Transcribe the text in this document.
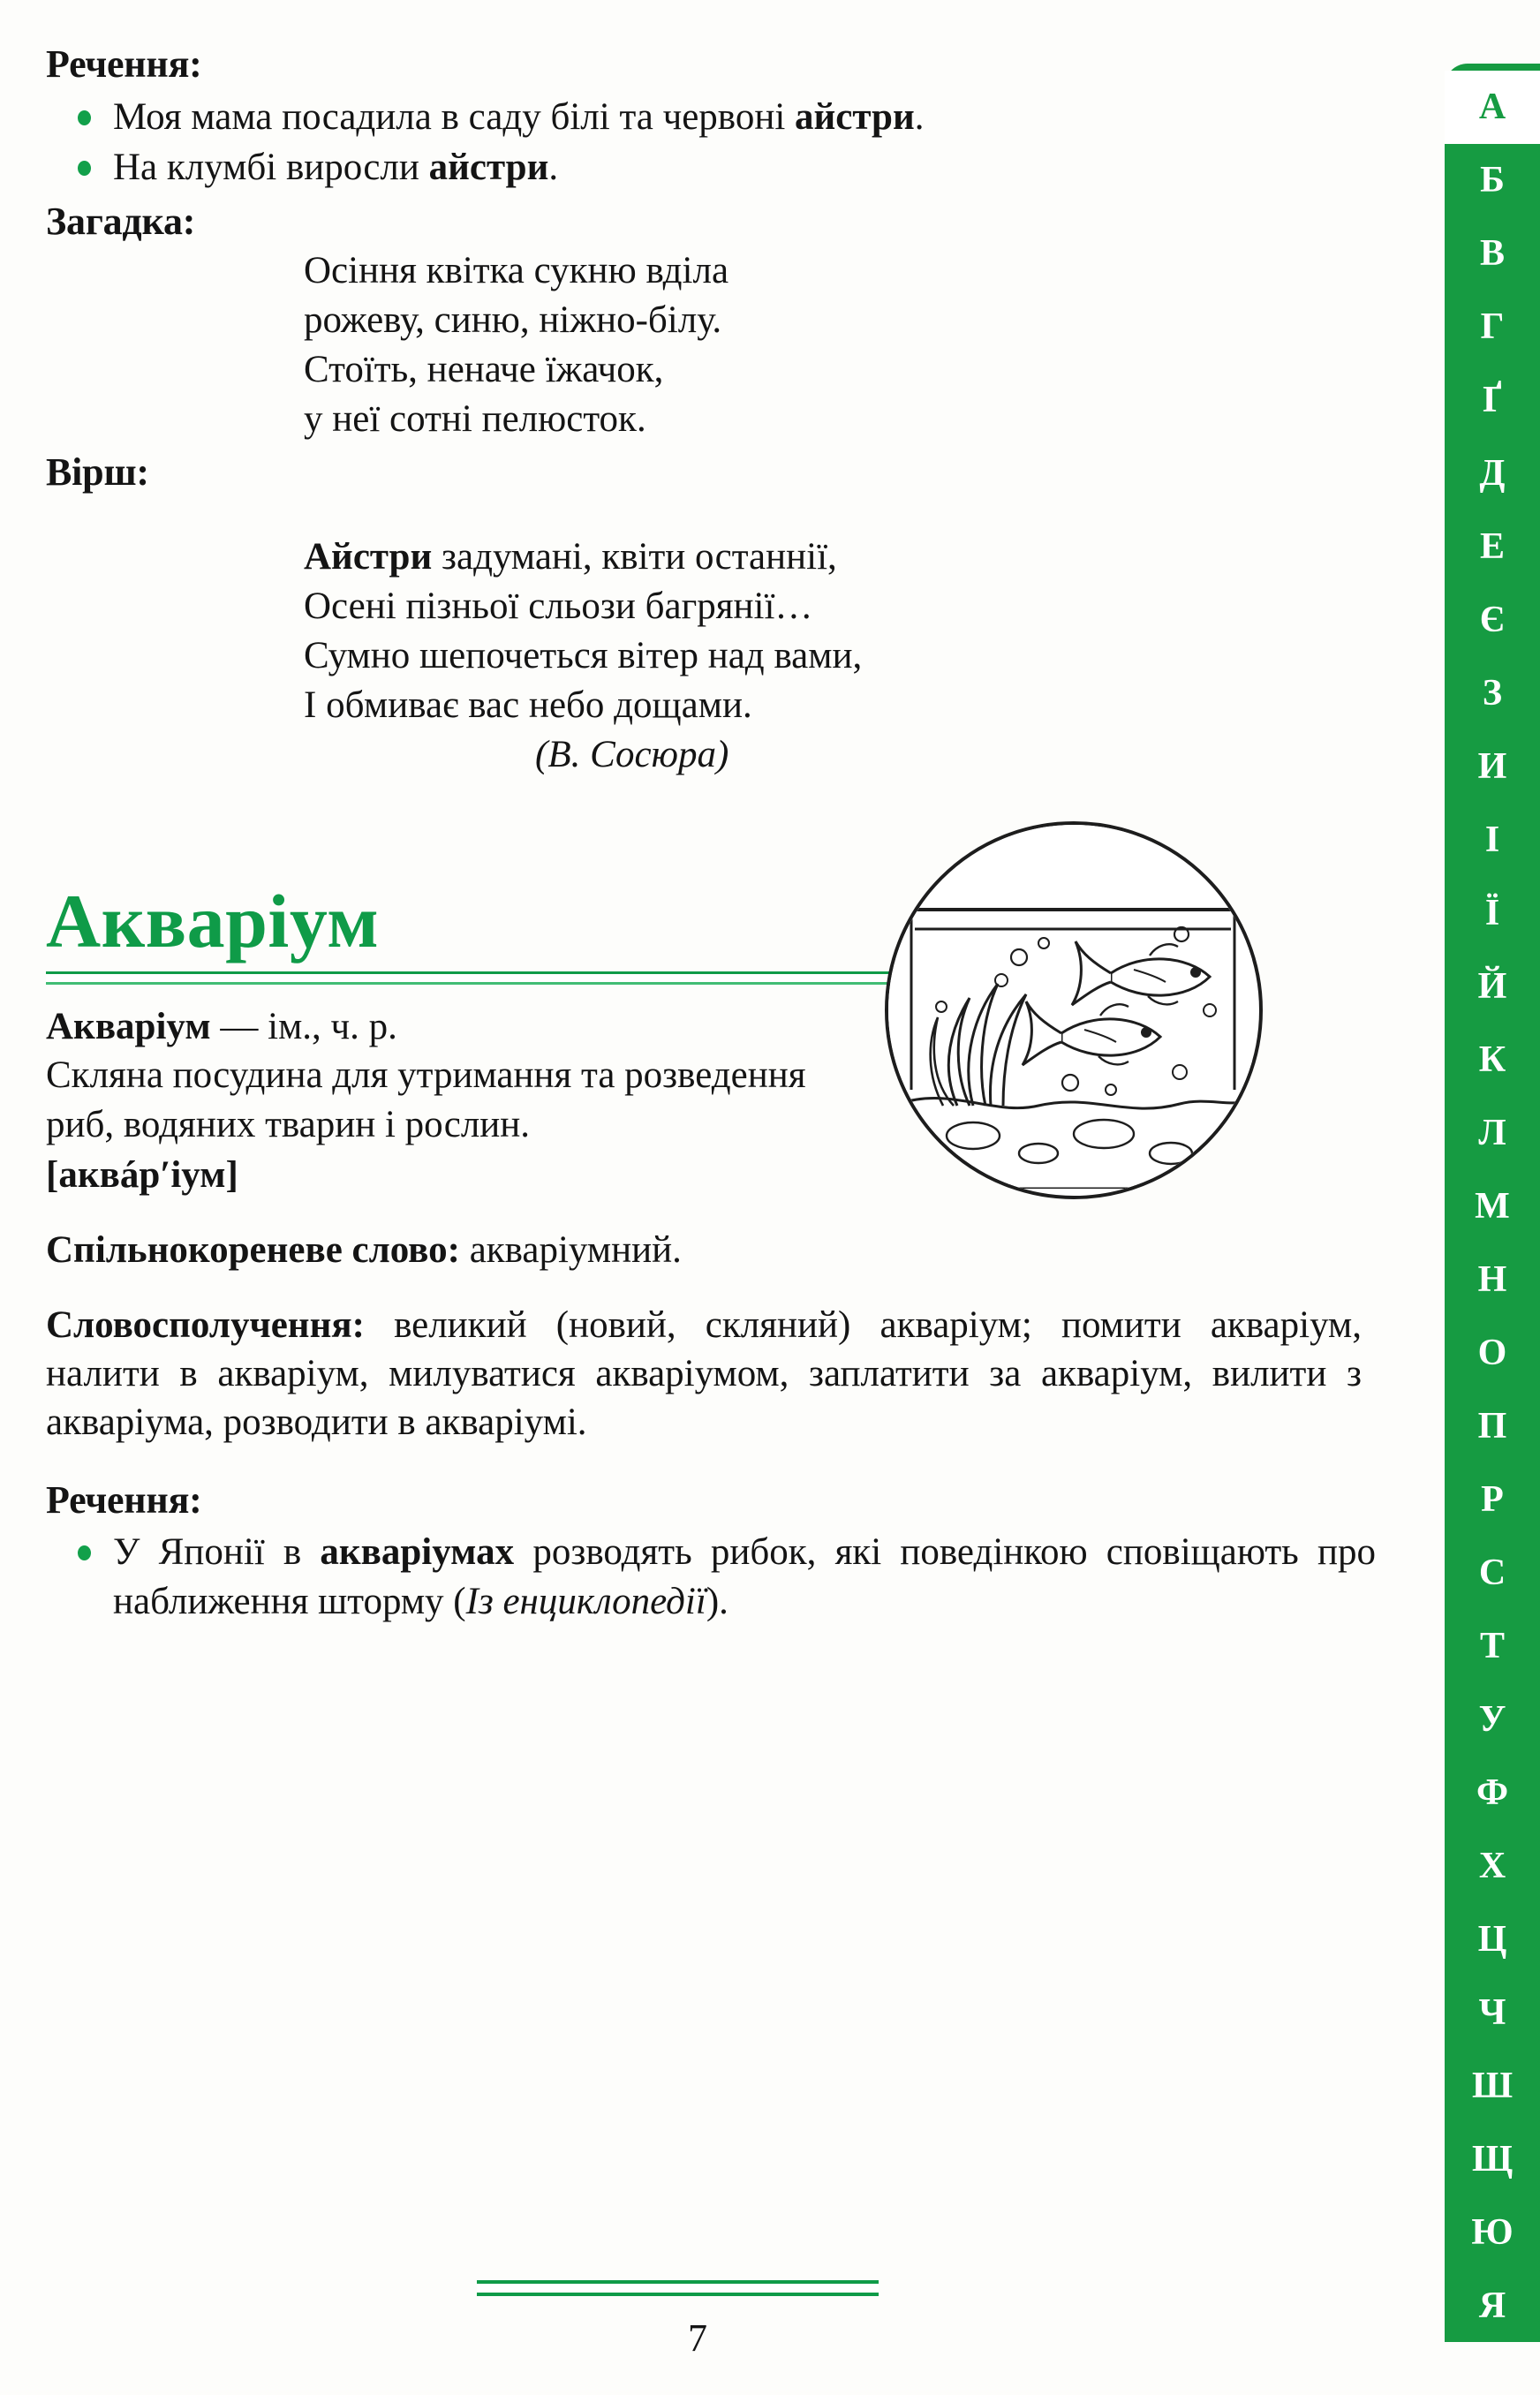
Речення:
Моя мама посадила в саду білі та червоні айстри.
На клумбі виросли айстри.
Загадка:
Осіння квітка сукню вділа
рожеву, синю, ніжно-білу.
Стоїть, неначе їжачок,
у неї сотні пелюсток.
Вірш:
Айстри задумані, квіти останнії,
Осені пізньої сльози багрянії…
Сумно шепочеться вітер над вами,
І обмиває вас небо дощами.
(В. Сосюра)
Акваріум
Акваріум — ім., ч. р.
Скляна посудина для утримання та розведення риб, водяних тварин і рослин.
[аквáр′іум]
Спільнокореневе слово: акваріумний.
Словосполучення: великий (новий, скляний) акваріум; помити акваріум, налити в акваріум, милуватися акваріумом, заплатити за акваріум, вилити з акваріума, розводити в акваріумі.
Речення:
У Японії в акваріумах розводять рибок, які поведінкою сповіщають про наближення шторму (Із енциклопедії).
7
А
Б
В
Г
Ґ
Д
Е
Є
З
И
І
Ї
Й
К
Л
М
Н
О
П
Р
С
Т
У
Ф
Х
Ц
Ч
Ш
Щ
Ю
Я
